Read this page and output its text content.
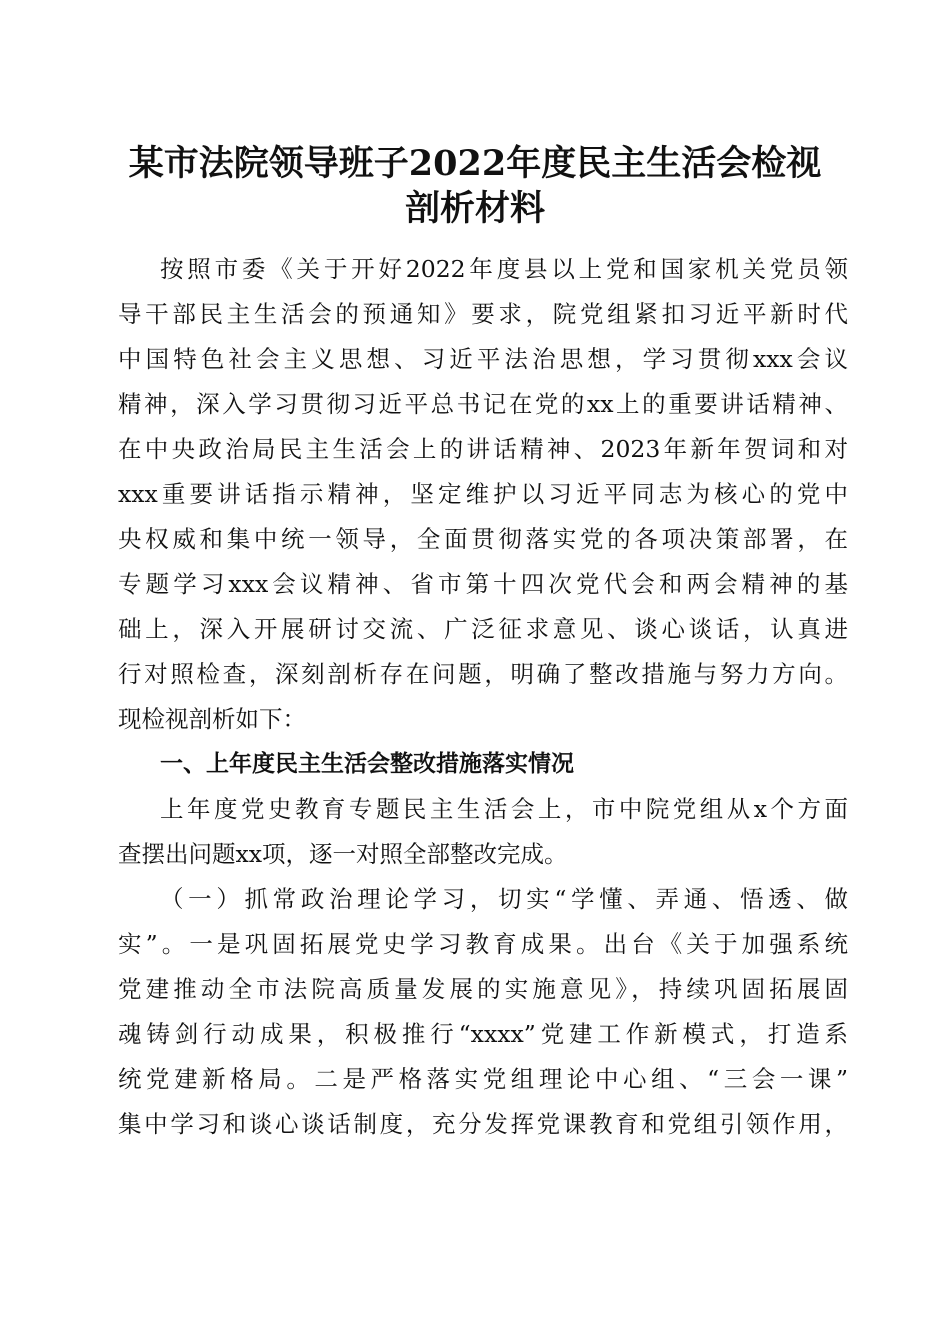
某市法院领导班子2022年度民主生活会检视
剖析材料
按照市委《关于开好2022年度县以上党和国家机关党员领
导干部民主生活会的预通知》要求，院党组紧扣习近平新时代
中国特色社会主义思想、习近平法治思想，学习贯彻xxx会议
精神，深入学习贯彻习近平总书记在党的xx上的重要讲话精神、
在中央政治局民主生活会上的讲话精神、2023年新年贺词和对
xxx重要讲话指示精神，坚定维护以习近平同志为核心的党中
央权威和集中统一领导，全面贯彻落实党的各项决策部署，在
专题学习xxx会议精神、省市第十四次党代会和两会精神的基
础上，深入开展研讨交流、广泛征求意见、谈心谈话，认真进
行对照检查，深刻剖析存在问题，明确了整改措施与努力方向。
现检视剖析如下：
一、上年度民主生活会整改措施落实情况
上年度党史教育专题民主生活会上，市中院党组从x个方面
查摆出问题xx项，逐一对照全部整改完成。
（一）抓常政治理论学习，切实“学懂、弄通、悟透、做
实”。一是巩固拓展党史学习教育成果。出台《关于加强系统
党建推动全市法院高质量发展的实施意见》，持续巩固拓展固
魂铸剑行动成果，积极推行“xxxx”党建工作新模式，打造系
统党建新格局。二是严格落实党组理论中心组、“三会一课”
集中学习和谈心谈话制度，充分发挥党课教育和党组引领作用，
